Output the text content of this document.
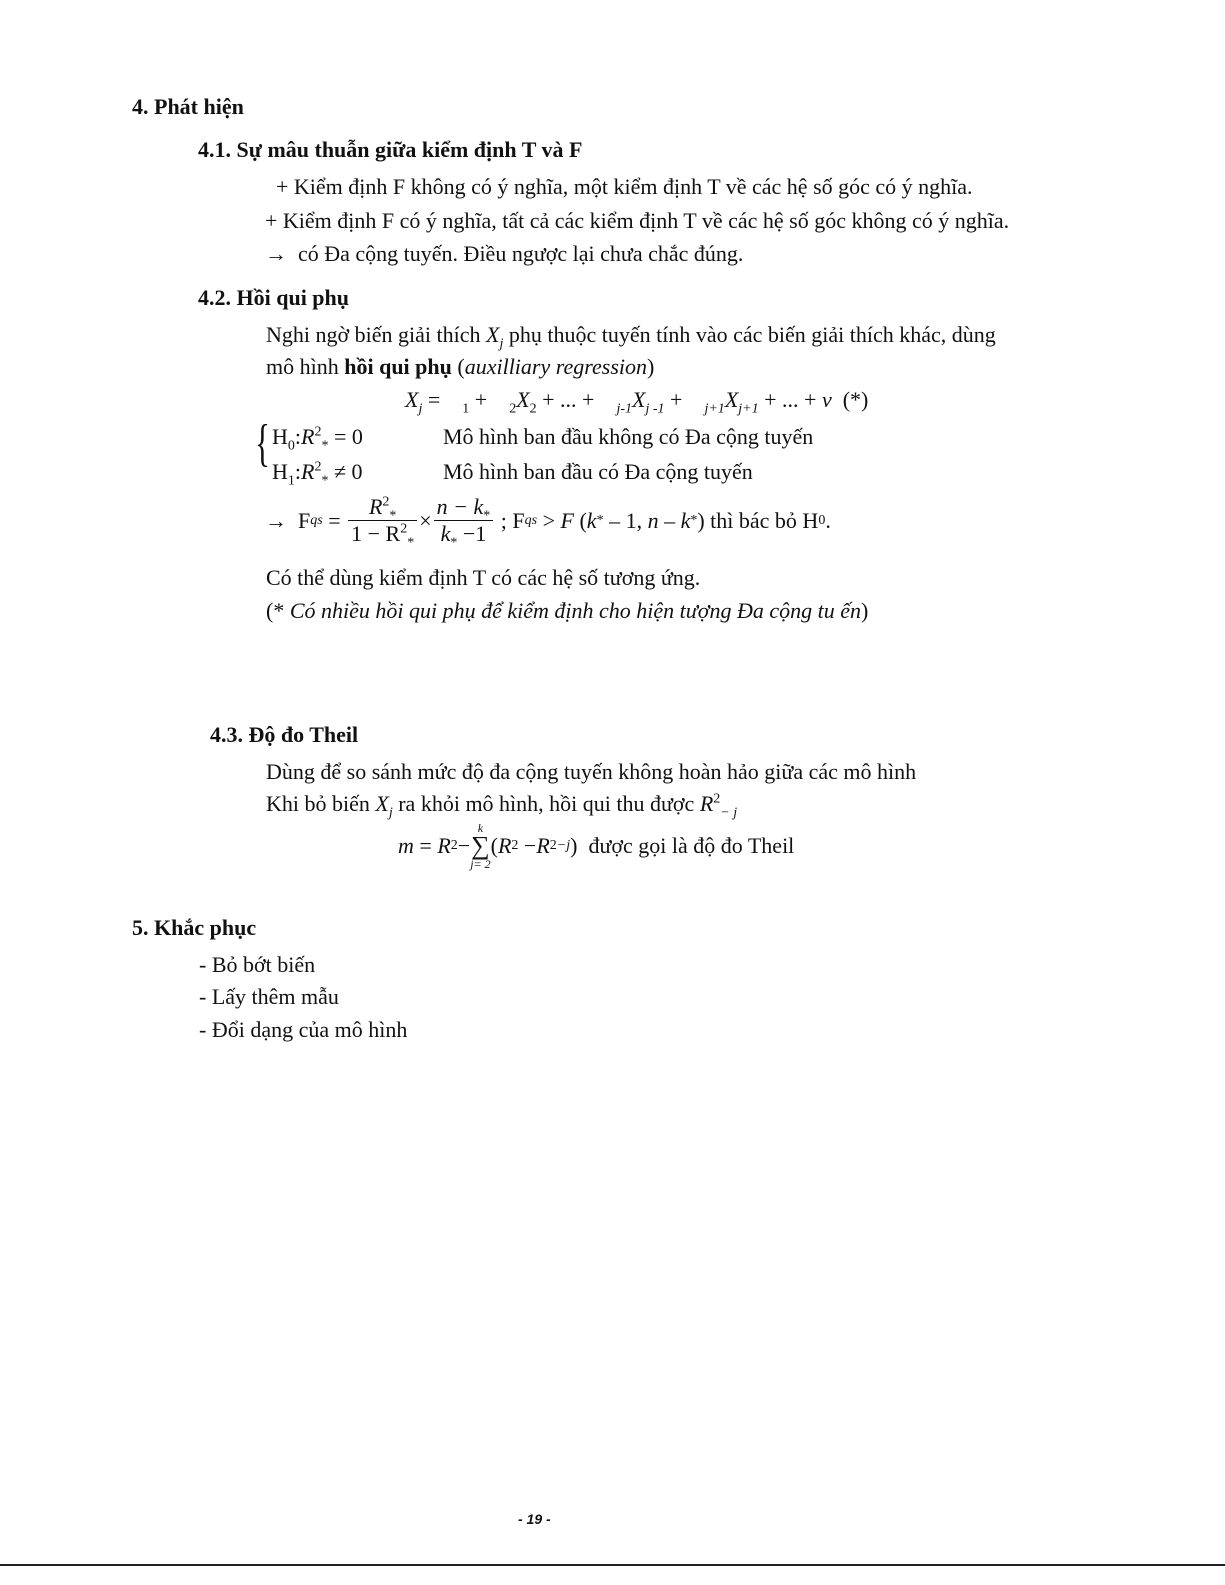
4. Phát hiện
4.1. Sự mâu thuẫn giữa kiểm định T và F
+ Kiểm định F không có ý nghĩa, một kiểm định T về các hệ số góc có ý nghĩa.
+ Kiểm định F có ý nghĩa, tất cả các kiểm định T về các hệ số góc không có ý nghĩa.
→ có Đa cộng tuyến. Điều ngược lại chưa chắc đúng.
4.2. Hồi qui phụ
Nghi ngờ biến giải thích $X_j$ phụ thuộc tuyến tính vào các biến giải thích khác, dùng
mô hình hồi qui phụ (auxilliary regression)
$X_j = _1 + _2X_2$ + ... + $_{j-1}X_{j -1} + _{j+1}X_{j+1}$ + ... + v (*)
{ $H_0:R^2_* = 0$	Mô hình ban đầu không có Đa cộng tuyến
$H_1:R^2_* \ne 0$	Mô hình ban đầu có Đa cộng tuyến
→
F qs
=
$\frac{R^2_*}{1 - R^2_*} \times \frac{n - k_*}{k_* -1}$
;
F qs
>
F
( k *
– 1,
n – k * )
thì bác bỏ H 0 .
Có thể dùng kiểm định T có các hệ số tương ứng.
(* Có nhiều hồi qui phụ để kiểm định cho hiện tượng Đa cộng tu ến)
4.3. Độ đo Theil
Dùng để so sánh mức độ đa cộng tuyến không hoàn hảo giữa các mô hình
Khi bỏ biến $X_j$ ra khỏi mô hình, hồi qui thu được $R^2_{- j}$
m
=
R 2 −
k
∑
j= 2
( R 2
− R 2 −j )
được gọi là độ đo Theil
5. Khắc phục
- Bỏ bớt biến
- Lấy thêm mẫu
- Đổi dạng của mô hình
- 19 -
